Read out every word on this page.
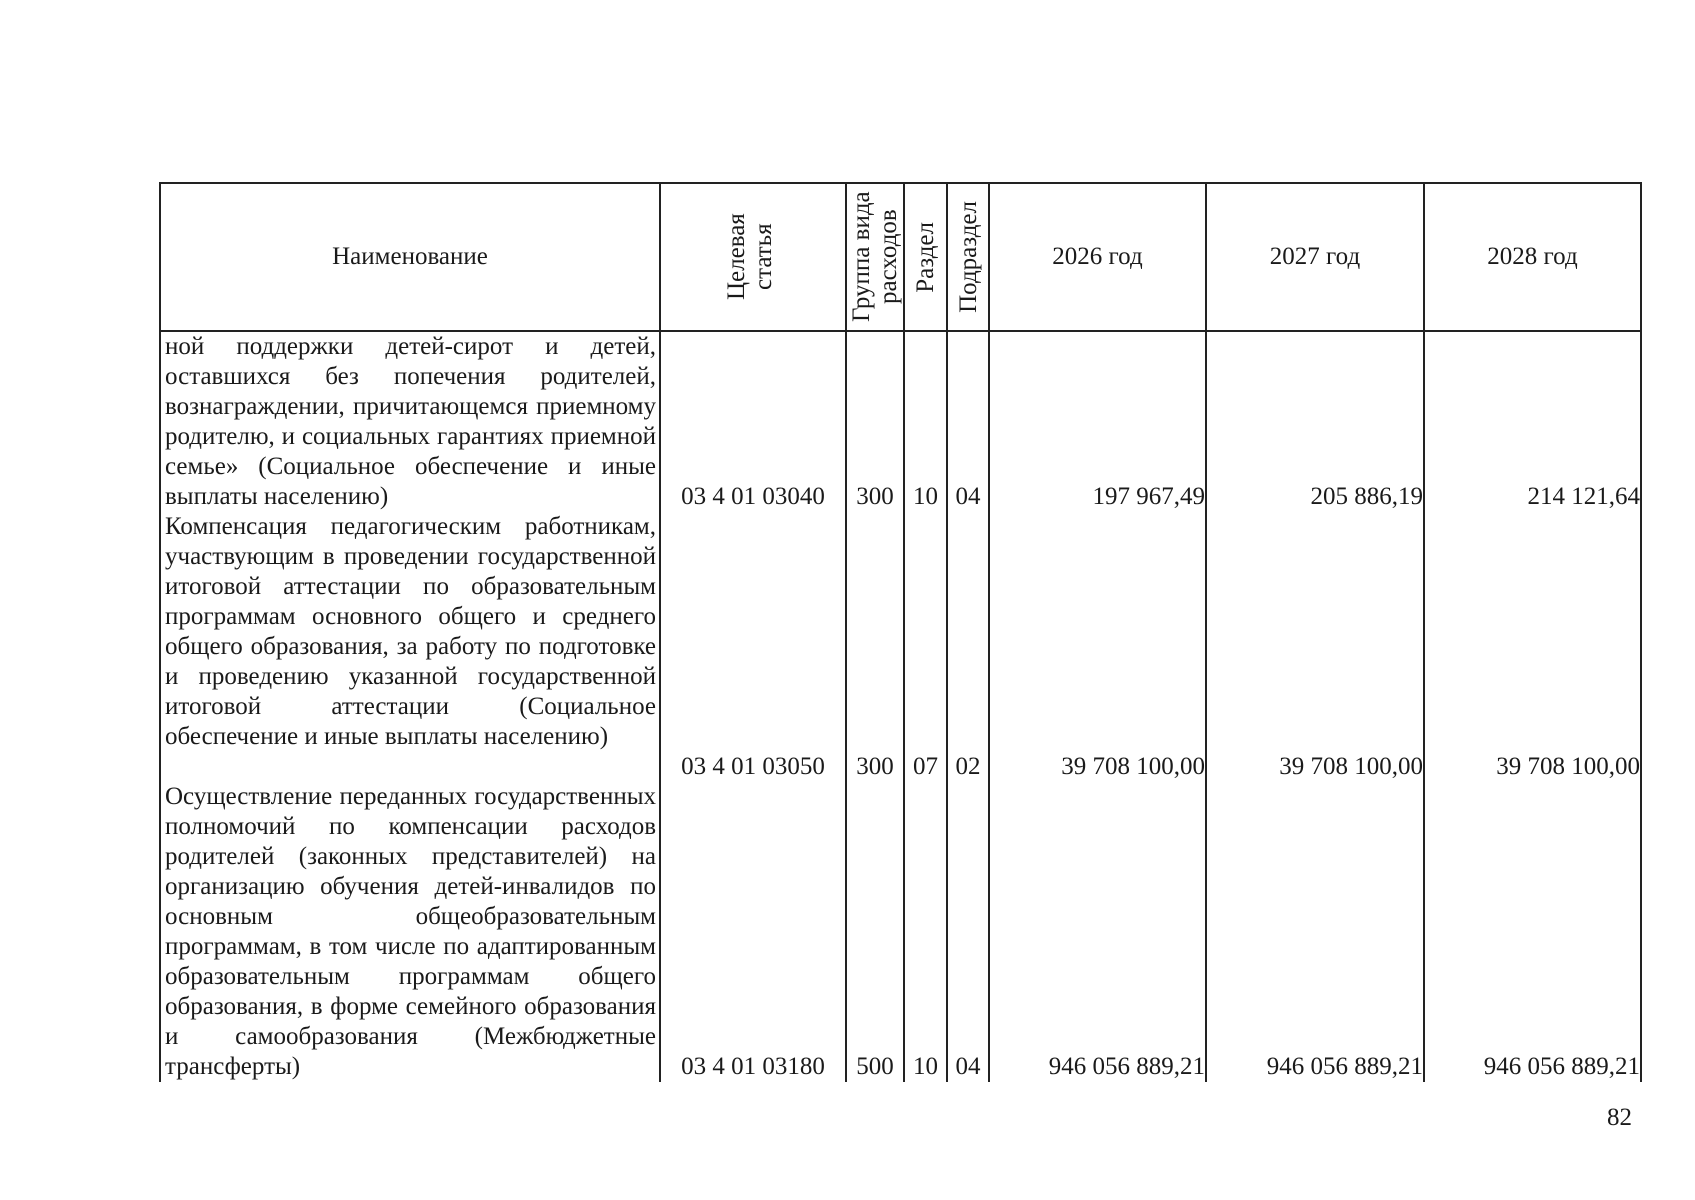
Наименование	Целевая статья	Группа вида расходов	Раздел	Подраздел	2026 год	2027 год	2028 год
ной поддержки детей-сирот и детей, оставшихся без попечения родителей, вознаграждении, причитающемся приемному родителю, и социальных гарантиях приемной семье» (Социальное обеспечение и иные выплаты населению)	03 4 01 03040	300	10	04	197 967,49	205 886,19	214 121,64
Компенсация педагогическим работникам, участвующим в проведении государственной итоговой аттестации по образовательным программам основного общего и среднего общего образования, за работу по подготовке и проведению указанной государственной итоговой аттестации (Социальное обеспечение и иные выплаты населению)	03 4 01 03050	300	07	02	39 708 100,00	39 708 100,00	39 708 100,00
Осуществление переданных государственных полномочий по компенсации расходов родителей (законных представителей) на организацию обучения детей-инвалидов по основным общеобразовательным программам, в том числе по адаптированным образовательным программам общего образования, в форме семейного образования и самообразования (Межбюджетные трансферты)	03 4 01 03180	500	10	04	946 056 889,21	946 056 889,21	946 056 889,21
82
